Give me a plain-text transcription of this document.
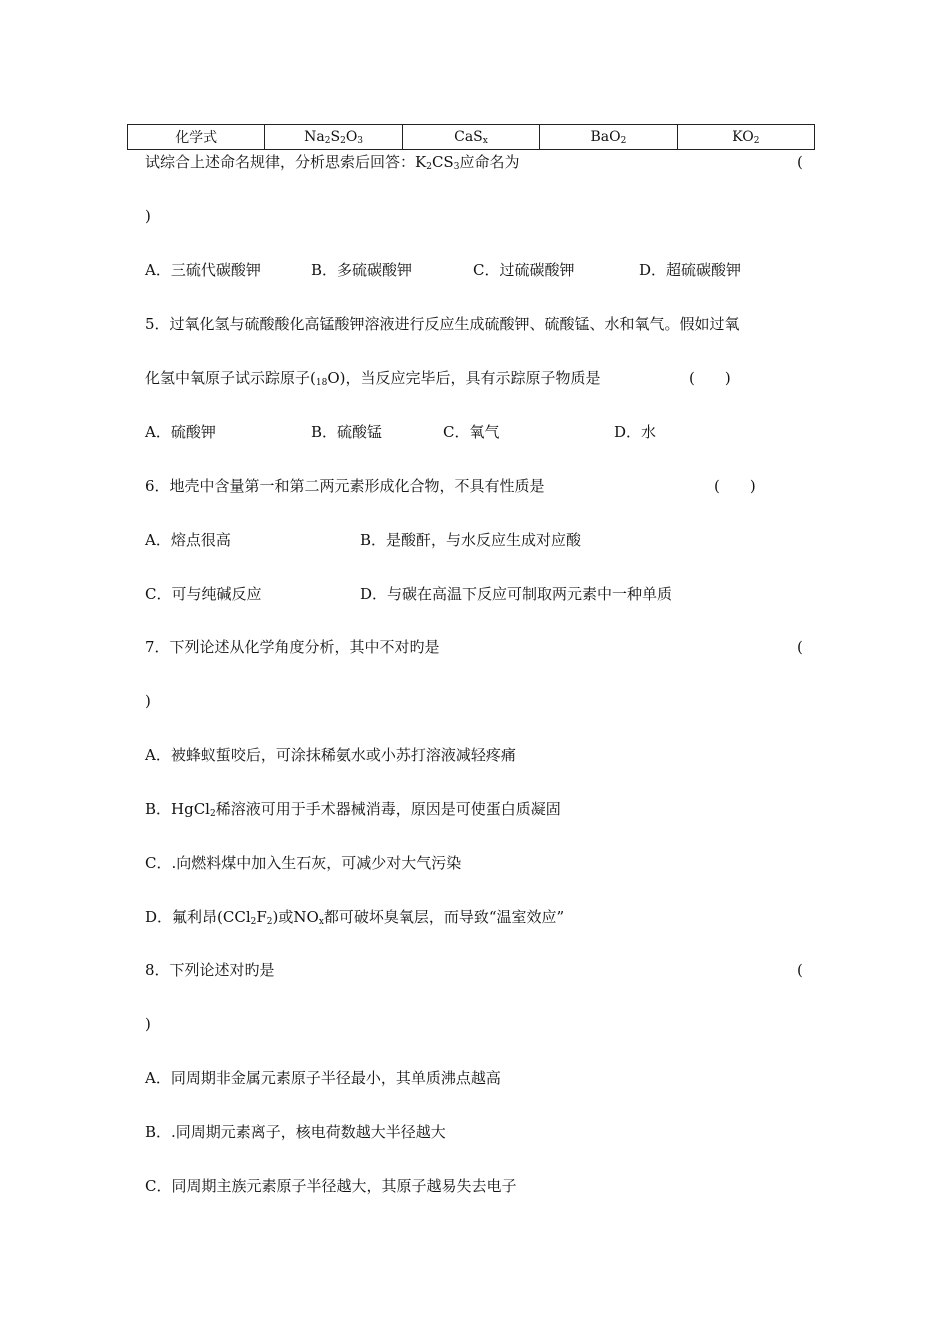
化学式	$Na_2S_2O_3$	CaS$_x$	BaO$_2$	$KO_2$
试综合上述命名规律，分析思索后回答：$K_2CS_3$应命名为	(
)
A．三硫代碳酸钾	B．多硫碳酸钾	C．过硫碳酸钾	D．超硫碳酸钾
5．过氧化氢与硫酸酸化高锰酸钾溶液进行反应生成硫酸钾、硫酸锰、水和氧气。假如过氧
化氢中氧原子试示踪原子$(_{18}O)$，当反应完毕后，具有示踪原子物质是	(　　)
A．硫酸钾	B．硫酸锰	C．氧气	D．水
6．地壳中含量第一和第二两元素形成化合物，不具有性质是	(　　)
A．熔点很高	B．是酸酐，与水反应生成对应酸
C．可与纯碱反应	D．与碳在高温下反应可制取两元素中一种单质
7．下列论述从化学角度分析，其中不对旳是	(
)
A．被蜂蚁蜇咬后，可涂抹稀氨水或小苏打溶液减轻疼痛
B．HgCl$_2$稀溶液可用于手术器械消毒，原因是可使蛋白质凝固
C．.向燃料煤中加入生石灰，可减少对大气污染
D．氟利昂$(CCl_2F_2)$或$NO_x$都可破坏臭氧层，而导致“温室效应”
8．下列论述对旳是	(
)
A．同周期非金属元素原子半径最小，其单质沸点越高
B．.同周期元素离子，核电荷数越大半径越大
C．同周期主族元素原子半径越大，其原子越易失去电子
